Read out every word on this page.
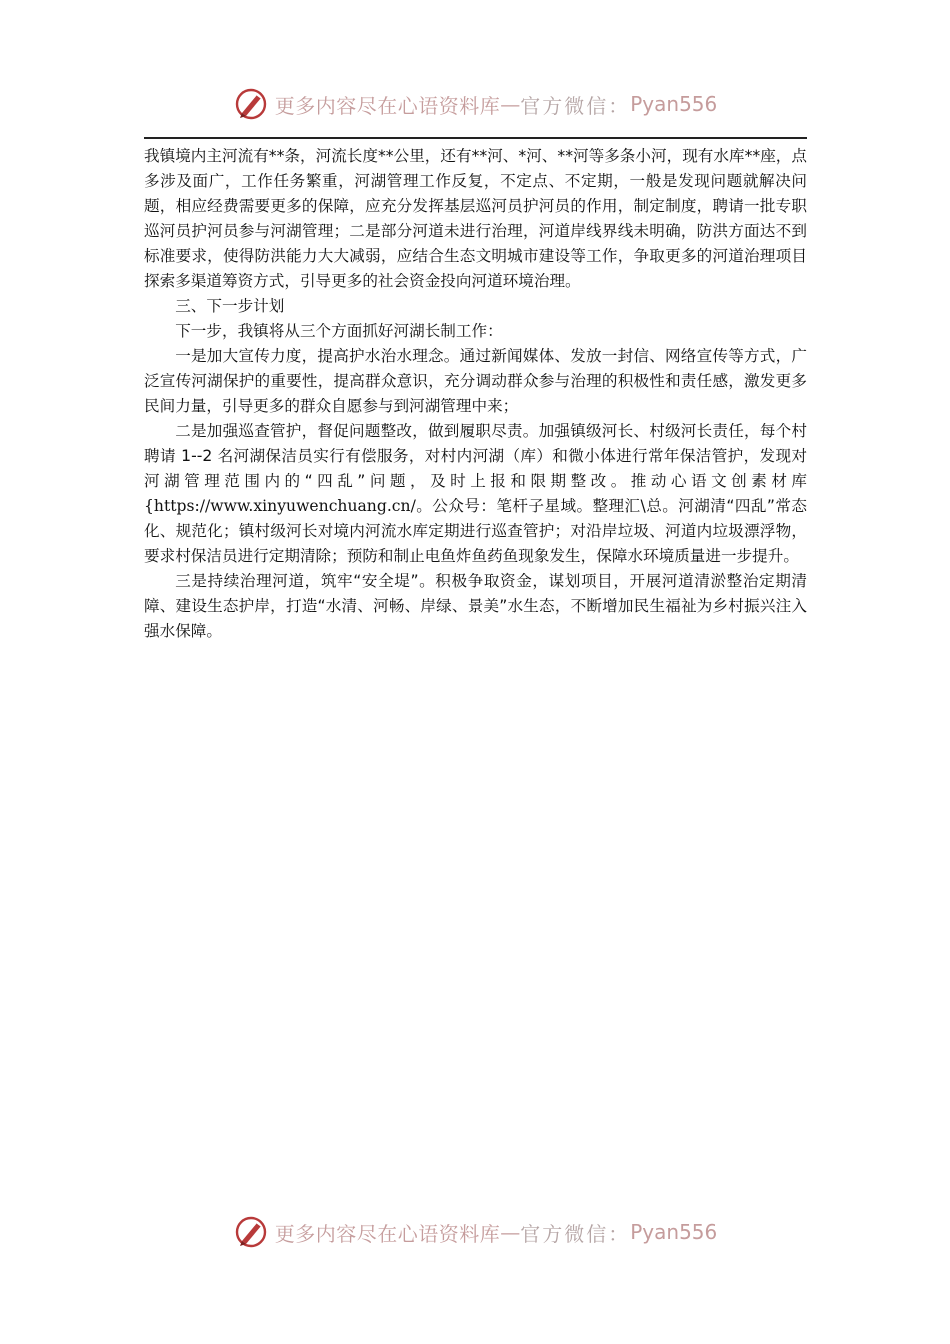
更多内容尽在心语资料库 — 官方微信： Pyan556

我镇境内主河流有**条，河流长度**公里，还有**河、*河、**河等多条小河，现有水库**座，点多涉及面广，工作任务繁重，河湖管理工作反复，不定点、不定期，一般是发现问题就解决问题，相应经费需要更多的保障，应充分发挥基层巡河员护河员的作用，制定制度，聘请一批专职巡河员护河员参与河湖管理；二是部分河道未进行治理，河道岸线界线未明确，防洪方面达不到标准要求，使得防洪能力大大减弱，应结合生态文明城市建设等工作，争取更多的河道治理项目探索多渠道筹资方式，引导更多的社会资金投向河道环境治理。

三、下一步计划

下一步，我镇将从三个方面抓好河湖长制工作：

一是加大宣传力度，提高护水治水理念。通过新闻媒体、发放一封信、网络宣传等方式，广泛宣传河湖保护的重要性，提高群众意识，充分调动群众参与治理的积极性和责任感，激发更多民间力量，引导更多的群众自愿参与到河湖管理中来；

二是加强巡查管护，督促问题整改，做到履职尽责。加强镇级河长、村级河长责任，每个村聘请 1--2 名河湖保洁员实行有偿服务，对村内河湖（库）和微小体进行常年保洁管护，发现对河湖管理范围内的“四乱”问题，及时上报和限期整改。推动心语文创素材库{https://www.xinyuwenchuang.cn/。公众号：笔杆子星域。整理汇\总。河湖清“四乱”常态化、规范化；镇村级河长对境内河流水库定期进行巡查管护；对沿岸垃圾、河道内垃圾漂浮物，要求村保洁员进行定期清除；预防和制止电鱼炸鱼药鱼现象发生，保障水环境质量进一步提升。

三是持续治理河道，筑牢“安全堤”。积极争取资金，谋划项目，开展河道清淤整治定期清障、建设生态护岸，打造“水清、河畅、岸绿、景美”水生态，不断增加民生福祉为乡村振兴注入强水保障。

更多内容尽在心语资料库 — 官方微信： Pyan556
